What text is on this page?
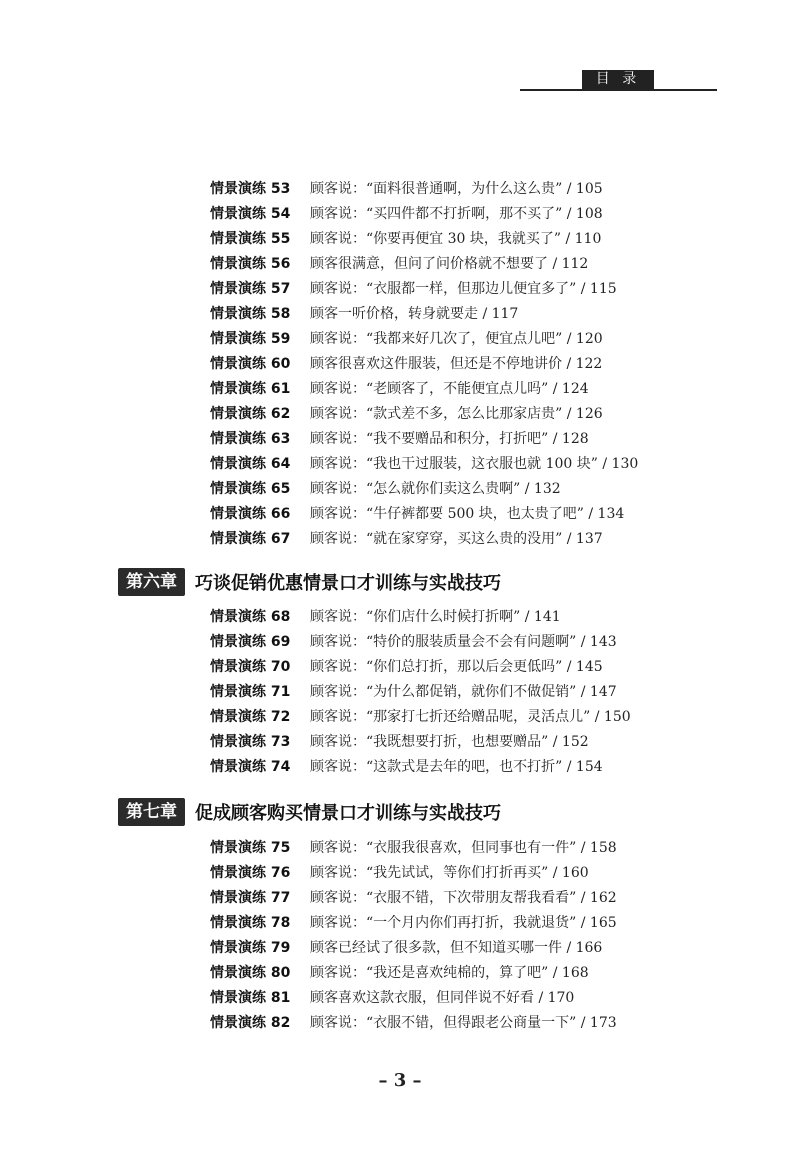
目 录
情景演练 53	顾客说：“面料很普通啊，为什么这么贵” / 105
情景演练 54	顾客说：“买四件都不打折啊，那不买了” / 108
情景演练 55	顾客说：“你要再便宜 30 块，我就买了” / 110
情景演练 56	顾客很满意，但问了问价格就不想要了 / 112
情景演练 57	顾客说：“衣服都一样，但那边儿便宜多了” / 115
情景演练 58	顾客一听价格，转身就要走 / 117
情景演练 59	顾客说：“我都来好几次了，便宜点儿吧” / 120
情景演练 60	顾客很喜欢这件服装，但还是不停地讲价 / 122
情景演练 61	顾客说：“老顾客了，不能便宜点儿吗” / 124
情景演练 62	顾客说：“款式差不多，怎么比那家店贵” / 126
情景演练 63	顾客说：“我不要赠品和积分，打折吧” / 128
情景演练 64	顾客说：“我也干过服装，这衣服也就 100 块” / 130
情景演练 65	顾客说：“怎么就你们卖这么贵啊” / 132
情景演练 66	顾客说：“牛仔裤都要 500 块，也太贵了吧” / 134
情景演练 67	顾客说：“就在家穿穿，买这么贵的没用” / 137
第六章	巧谈促销优惠情景口才训练与实战技巧
情景演练 68	顾客说：“你们店什么时候打折啊” / 141
情景演练 69	顾客说：“特价的服装质量会不会有问题啊” / 143
情景演练 70	顾客说：“你们总打折，那以后会更低吗” / 145
情景演练 71	顾客说：“为什么都促销，就你们不做促销” / 147
情景演练 72	顾客说：“那家打七折还给赠品呢，灵活点儿” / 150
情景演练 73	顾客说：“我既想要打折，也想要赠品” / 152
情景演练 74	顾客说：“这款式是去年的吧，也不打折” / 154
第七章	促成顾客购买情景口才训练与实战技巧
情景演练 75	顾客说：“衣服我很喜欢，但同事也有一件” / 158
情景演练 76	顾客说：“我先试试，等你们打折再买” / 160
情景演练 77	顾客说：“衣服不错，下次带朋友帮我看看” / 162
情景演练 78	顾客说：“一个月内你们再打折，我就退货” / 165
情景演练 79	顾客已经试了很多款，但不知道买哪一件 / 166
情景演练 80	顾客说：“我还是喜欢纯棉的，算了吧” / 168
情景演练 81	顾客喜欢这款衣服，但同伴说不好看 / 170
情景演练 82	顾客说：“衣服不错，但得跟老公商量一下” / 173
– 3 –
